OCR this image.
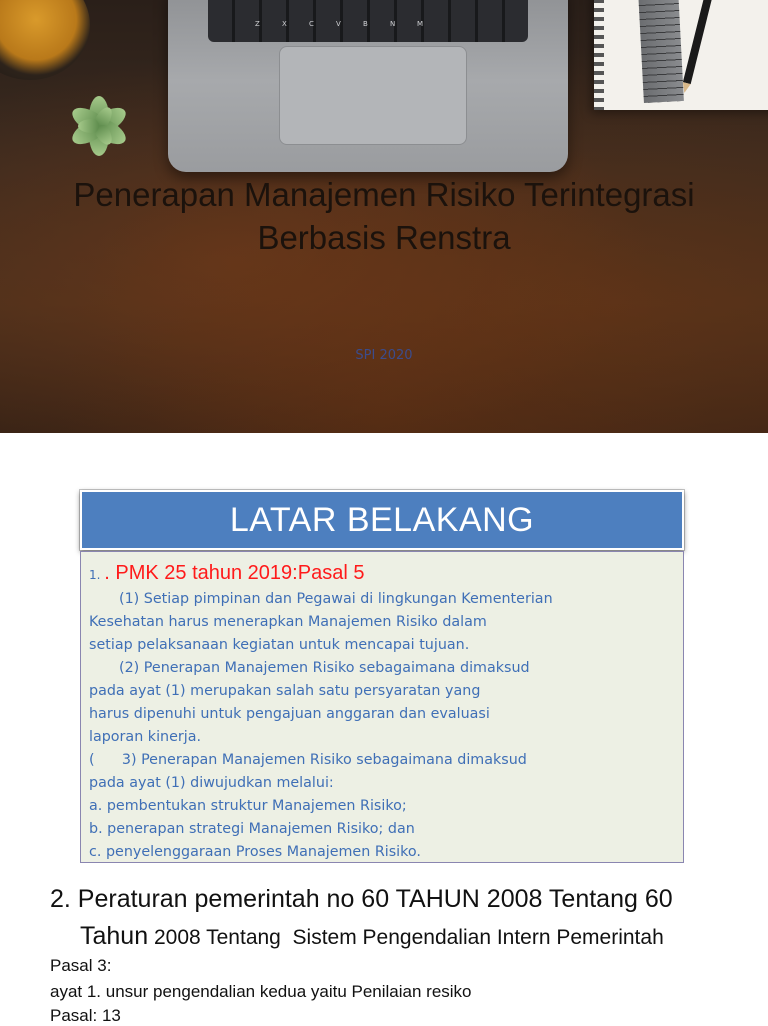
Z	X	C	V	B	N	M
Penerapan Manajemen Risiko Terintegrasi
Berbasis Renstra
SPI 2020
LATAR BELAKANG
1. . PMK 25 tahun 2019:Pasal 5
(1) Setiap pimpinan dan Pegawai di lingkungan Kementerian
Kesehatan harus menerapkan Manajemen Risiko dalam
setiap pelaksanaan kegiatan untuk mencapai tujuan.
(2) Penerapan Manajemen Risiko sebagaimana dimaksud
pada ayat (1) merupakan salah satu persyaratan yang
harus dipenuhi untuk pengajuan anggaran dan evaluasi
laporan kinerja.
(      3) Penerapan Manajemen Risiko sebagaimana dimaksud
pada ayat (1) diwujudkan melalui:
a. pembentukan struktur Manajemen Risiko;
b. penerapan strategi Manajemen Risiko; dan
c. penyelenggaraan Proses Manajemen Risiko.
2. Peraturan pemerintah no 60 TAHUN 2008 Tentang 60
Tahun 2008 Tentang  Sistem Pengendalian Intern Pemerintah
Pasal 3:
ayat 1. unsur pengendalian kedua yaitu Penilaian resiko
Pasal: 13
